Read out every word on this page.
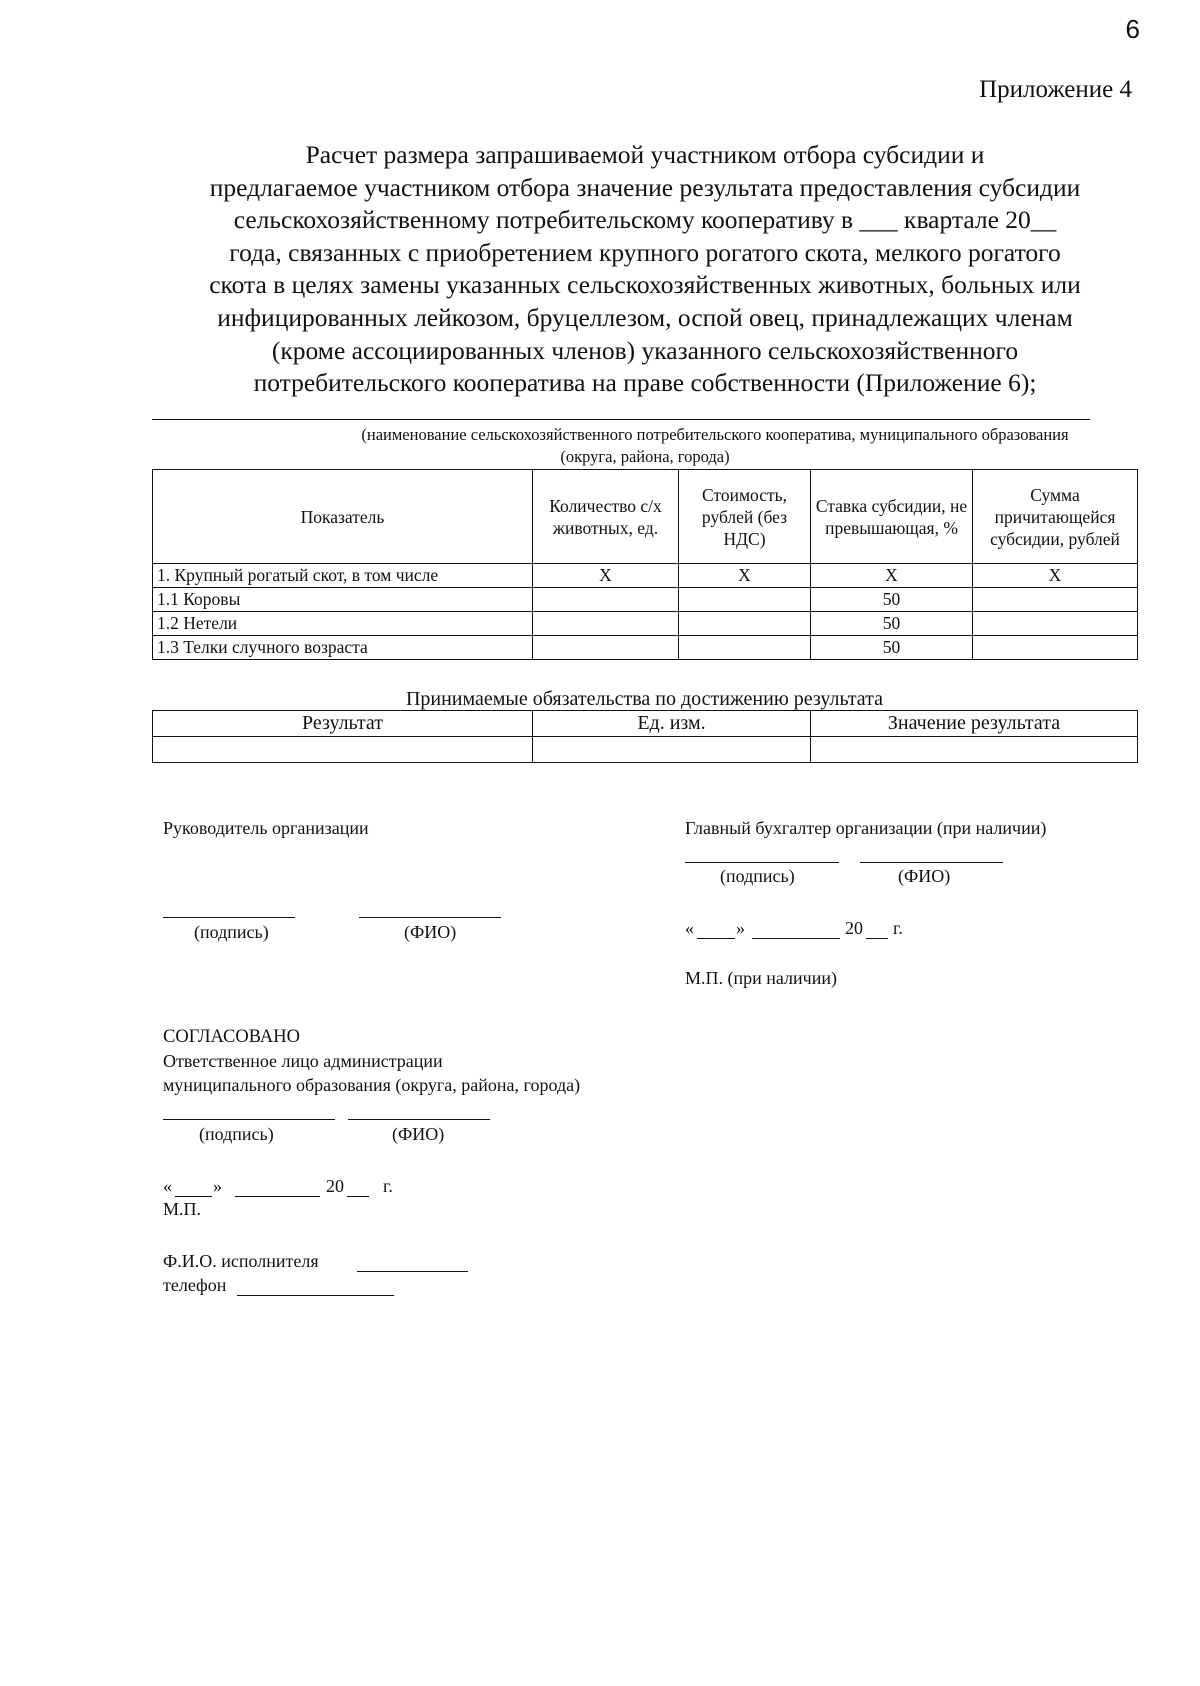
6
Приложение 4
Расчет размера запрашиваемой участником отбора субсидии и
предлагаемое участником отбора значение результата предоставления субсидии
сельскохозяйственному потребительскому кооперативу в ___ квартале 20__
года, связанных с приобретением крупного рогатого скота, мелкого рогатого
скота в целях замены указанных сельскохозяйственных животных, больных или
инфицированных лейкозом, бруцеллезом, оспой овец, принадлежащих членам
(кроме ассоциированных членов) указанного сельскохозяйственного
потребительского кооператива на праве собственности (Приложение 6);
(наименование сельскохозяйственного потребительского кооператива, муниципального образования
(округа, района, города)
Показатель	Количество с/х животных, ед.	Стоимость, рублей (без НДС)	Ставка субсидии, не превышающая, %	Сумма причитающейся субсидии, рублей
1. Крупный рогатый скот, в том числе	Х	Х	Х	Х
1.1 Коровы			50	
1.2 Нетели			50	
1.3 Телки случного возраста			50	
Принимаемые обязательства по достижению результата
Результат	Ед. изм.	Значение результата

Руководитель организации
(подпись)	(ФИО)
Главный бухгалтер организации (при наличии)
(подпись)	(ФИО)
« »	20 г.
М.П. (при наличии)
СОГЛАСОВАНО
Ответственное лицо администрации
муниципального образования (округа, района, города)
(подпись)	(ФИО)
« »	20 г.
М.П.
Ф.И.О. исполнителя
телефон
